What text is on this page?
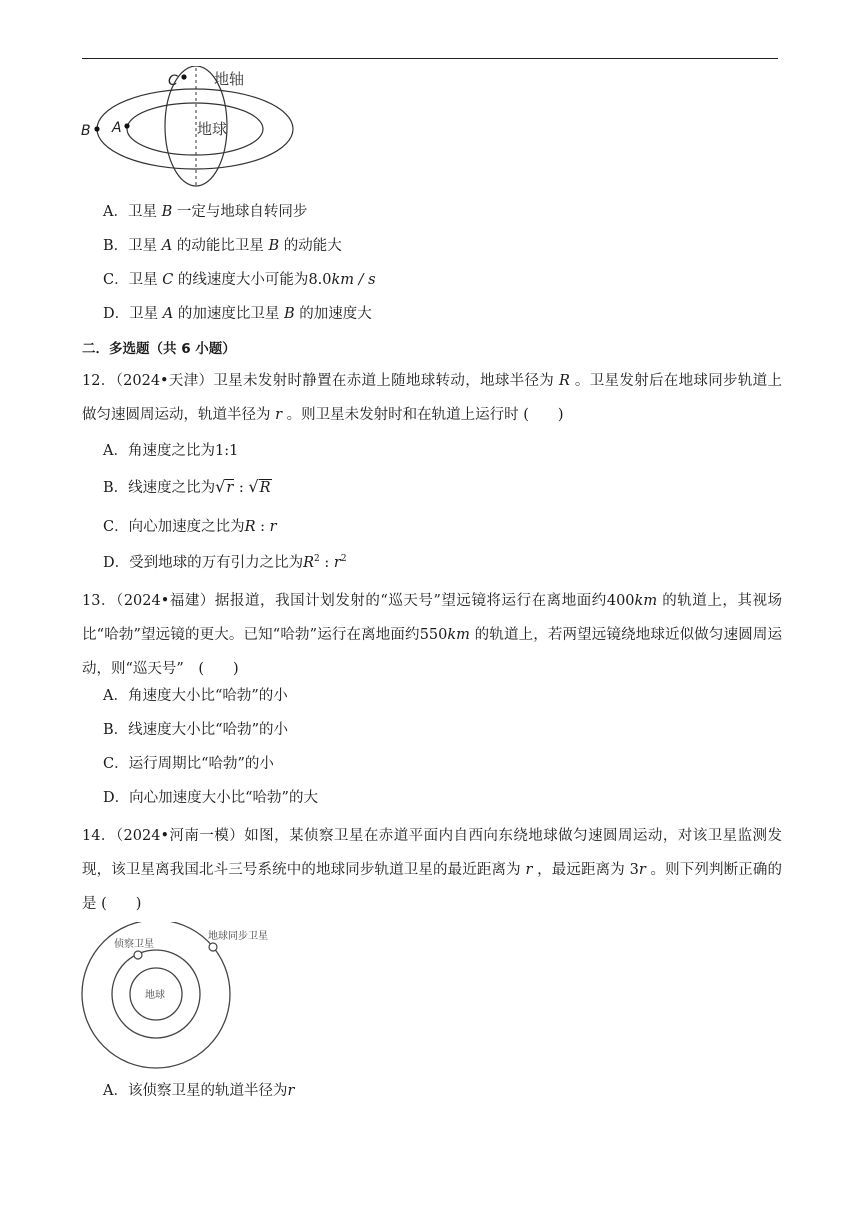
B A
C 地轴
地球
A．卫星 B 一定与地球自转同步
B．卫星 A 的动能比卫星 B 的动能大
C．卫星 C 的线速度大小可能为8.0km / s
D．卫星 A 的加速度比卫星 B 的加速度大
二．多选题（共 6 小题）
12．（2024•天津）卫星未发射时静置在赤道上随地球转动，地球半径为 R 。卫星发射后在地球同步轨道上做匀速圆周运动，轨道半径为 r 。则卫星未发射时和在轨道上运行时 (　　)
A．角速度之比为1:1
B．线速度之比为√r : √R
C．向心加速度之比为R : r
D．受到地球的万有引力之比为$R^2$ : $r^2$
13．（2024•福建）据报道，我国计划发射的“巡天号”望远镜将运行在离地面约400km 的轨道上，其视场比“哈勃”望远镜的更大。已知“哈勃”运行在离地面约550km 的轨道上，若两望远镜绕地球近似做匀速圆周运动，则“巡天号”　(　　)
A．角速度大小比“哈勃”的小
B．线速度大小比“哈勃”的小
C．运行周期比“哈勃”的小
D．向心加速度大小比“哈勃”的大
14．（2024•河南一模）如图，某侦察卫星在赤道平面内自西向东绕地球做匀速圆周运动，对该卫星监测发现，该卫星离我国北斗三号系统中的地球同步轨道卫星的最近距离为 r ，最远距离为 3r 。则下列判断正确的是 (　　)
侦察卫星
地球同步卫星
地球
A．该侦察卫星的轨道半径为r
